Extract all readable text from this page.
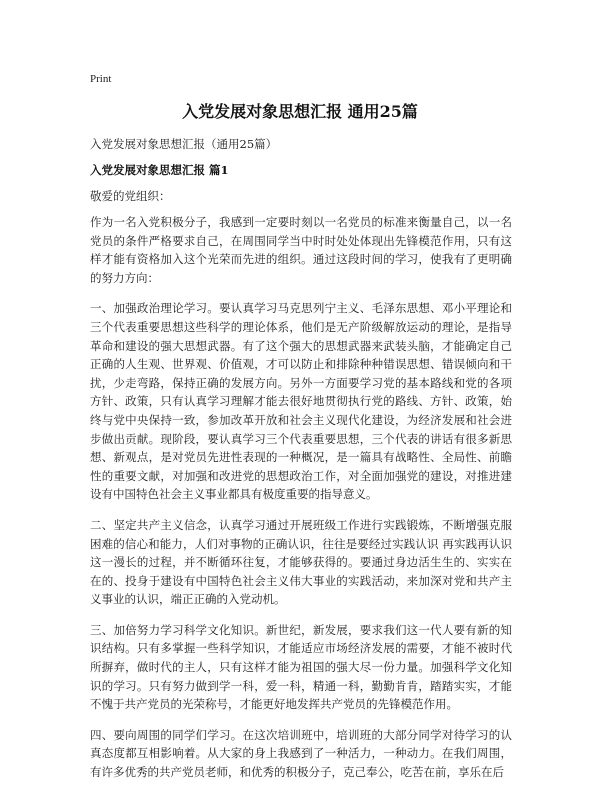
Print
入党发展对象思想汇报 通用25篇
入党发展对象思想汇报（通用25篇）
入党发展对象思想汇报 篇1
敬爱的党组织：

作为一名入党积极分子，我感到一定要时刻以一名党员的标准来衡量自己，以一名党员的条件严格要求自己，在周围同学当中时时处处体现出先锋模范作用，只有这样才能有资格加入这个光荣而先进的组织。通过这段时间的学习，使我有了更明确的努力方向：

一、加强政治理论学习。要认真学习马克思列宁主义、毛泽东思想、邓小平理论和三个代表重要思想这些科学的理论体系，他们是无产阶级解放运动的理论，是指导革命和建设的强大思想武器。有了这个强大的思想武器来武装头脑，才能确定自己正确的人生观、世界观、价值观，才可以防止和排除种种错误思想、错误倾向和干扰，少走弯路，保持正确的发展方向。另外一方面要学习党的基本路线和党的各项方针、政策，只有认真学习理解才能去很好地贯彻执行党的路线、方针、政策，始终与党中央保持一致，参加改革开放和社会主义现代化建设，为经济发展和社会进步做出贡献。现阶段，要认真学习三个代表重要思想，三个代表的讲话有很多新思想、新观点，是对党员先进性表现的一种概况，是一篇具有战略性、全局性、前瞻性的重要文献，对加强和改进党的思想政治工作，对全面加强党的建设，对推进建设有中国特色社会主义事业都具有极度重要的指导意义。

二、坚定共产主义信念，认真学习通过开展班级工作进行实践锻炼，不断增强克服困难的信心和能力，人们对事物的正确认识，往往是要经过实践认识 再实践再认识这一漫长的过程，并不断循环往复，才能够获得的。要通过身边活生生的、实实在在的、投身于建设有中国特色社会主义伟大事业的实践活动，来加深对党和共产主义事业的认识，端正正确的入党动机。

三、加倍努力学习科学文化知识。新世纪，新发展，要求我们这一代人要有新的知识结构。只有多掌握一些科学知识，才能适应市场经济发展的需要，才能不被时代所摒弃，做时代的主人，只有这样才能为祖国的强大尽一份力量。加强科学文化知识的学习。只有努力做到学一科，爱一科，精通一科，勤勤肯肯，踏踏实实，才能不愧于共产党员的光荣称号，才能更好地发挥共产党员的先锋模范作用。

四、要向周围的同学们学习。在这次培训班中，培训班的大部分同学对待学习的认真态度都互相影响着。从大家的身上我感到了一种活力，一种动力。在我们周围，有许多优秀的共产党员老师，和优秀的积极分子，克己奉公，吃苦在前，享乐在后
